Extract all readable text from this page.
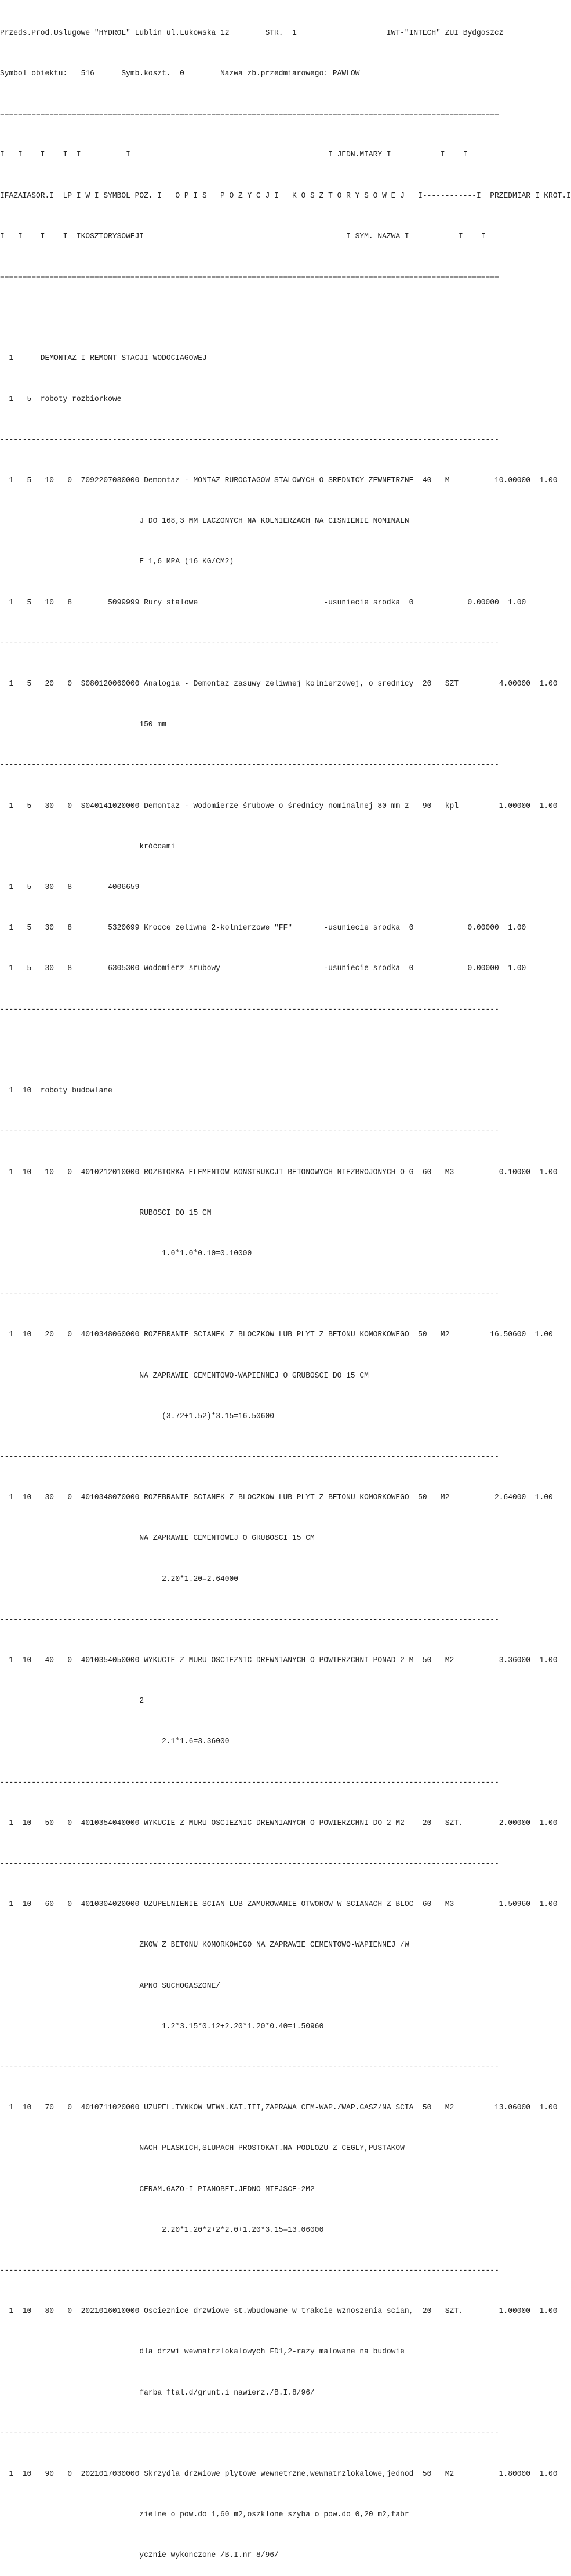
Przeds.Prod.Uslugowe "HYDROL" Lublin ul.Lukowska 12        STR.  1                    IWT-"INTECH" ZUI Bydgoszcz

Symbol obiektu:   516      Symb.koszt.  0        Nazwa zb.przedmiarowego: PAWLOW

===============================================================================================================

I   I    I    I  I          I                                            I JEDN.MIARY I           I    I

IFAZAIASOR.I  LP I W I SYMBOL POZ. I   O P I S   P O Z Y C J I   K O S Z T O R Y S O W E J   I------------I  PRZEDMIAR I KROT.I

I   I    I    I  IKOSZTORYSOWEJI                                             I SYM. NAZWA I           I    I

===============================================================================================================

1      DEMONTAZ I REMONT STACJI WODOCIAGOWEJ

1   5  roboty rozbiorkowe

---------------------------------------------------------------------------------------------------------------

1   5   10   0  7092207080000 Demontaz - MONTAZ RUROCIAGOW STALOWYCH O SREDNICY ZEWNETRZNE  40   M          10.00000  1.00

J DO 168,3 MM LACZONYCH NA KOLNIERZACH NA CISNIENIE NOMINALN

E 1,6 MPA (16 KG/CM2)

1   5   10   8        5099999 Rury stalowe                            -usuniecie srodka  0            0.00000  1.00

---------------------------------------------------------------------------------------------------------------

1   5   20   0  S080120060000 Analogia - Demontaz zasuwy zeliwnej kolnierzowej, o srednicy  20   SZT         4.00000  1.00

150 mm

---------------------------------------------------------------------------------------------------------------

1   5   30   0  S040141020000 Demontaz - Wodomierze śrubowe o średnicy nominalnej 80 mm z   90   kpl         1.00000  1.00

króćcami

1   5   30   8        4006659

1   5   30   8        5320699 Krocce zeliwne 2-kolnierzowe "FF"       -usuniecie srodka  0            0.00000  1.00

1   5   30   8        6305300 Wodomierz srubowy                       -usuniecie srodka  0            0.00000  1.00

---------------------------------------------------------------------------------------------------------------

1  10  roboty budowlane

---------------------------------------------------------------------------------------------------------------

1  10   10   0  4010212010000 ROZBIORKA ELEMENTOW KONSTRUKCJI BETONOWYCH NIEZBROJONYCH O G  60   M3          0.10000  1.00

RUBOSCI DO 15 CM

1.0*1.0*0.10=0.10000

---------------------------------------------------------------------------------------------------------------

1  10   20   0  4010348060000 ROZEBRANIE SCIANEK Z BLOCZKOW LUB PLYT Z BETONU KOMORKOWEGO  50   M2         16.50600  1.00

NA ZAPRAWIE CEMENTOWO-WAPIENNEJ O GRUBOSCI DO 15 CM

(3.72+1.52)*3.15=16.50600

---------------------------------------------------------------------------------------------------------------

1  10   30   0  4010348070000 ROZEBRANIE SCIANEK Z BLOCZKOW LUB PLYT Z BETONU KOMORKOWEGO  50   M2          2.64000  1.00

NA ZAPRAWIE CEMENTOWEJ O GRUBOSCI 15 CM

2.20*1.20=2.64000

---------------------------------------------------------------------------------------------------------------

1  10   40   0  4010354050000 WYKUCIE Z MURU OSCIEZNIC DREWNIANYCH O POWIERZCHNI PONAD 2 M  50   M2          3.36000  1.00

2

2.1*1.6=3.36000

---------------------------------------------------------------------------------------------------------------

1  10   50   0  4010354040000 WYKUCIE Z MURU OSCIEZNIC DREWNIANYCH O POWIERZCHNI DO 2 M2    20   SZT.        2.00000  1.00

---------------------------------------------------------------------------------------------------------------

1  10   60   0  4010304020000 UZUPELNIENIE SCIAN LUB ZAMUROWANIE OTWOROW W SCIANACH Z BLOC  60   M3          1.50960  1.00

ZKOW Z BETONU KOMORKOWEGO NA ZAPRAWIE CEMENTOWO-WAPIENNEJ /W

APNO SUCHOGASZONE/

1.2*3.15*0.12+2.20*1.20*0.40=1.50960

---------------------------------------------------------------------------------------------------------------

1  10   70   0  4010711020000 UZUPEL.TYNKOW WEWN.KAT.III,ZAPRAWA CEM-WAP./WAP.GASZ/NA SCIA  50   M2         13.06000  1.00

NACH PLASKICH,SLUPACH PROSTOKAT.NA PODLOZU Z CEGLY,PUSTAKOW

CERAM.GAZO-I PIANOBET.JEDNO MIEJSCE-2M2

2.20*1.20*2+2*2.0+1.20*3.15=13.06000

---------------------------------------------------------------------------------------------------------------

1  10   80   0  2021016010000 Oscieznice drzwiowe st.wbudowane w trakcie wznoszenia scian,  20   SZT.        1.00000  1.00

dla drzwi wewnatrzlokalowych FD1,2-razy malowane na budowie

farba ftal.d/grunt.i nawierz./B.I.8/96/

---------------------------------------------------------------------------------------------------------------

1  10   90   0  2021017030000 Skrzydla drzwiowe plytowe wewnetrzne,wewnatrzlokalowe,jednod  50   M2          1.80000  1.00

zielne o pow.do 1,60 m2,oszklone szyba o pow.do 0,20 m2,fabr

ycznie wykonczone /B.I.nr 8/96/
